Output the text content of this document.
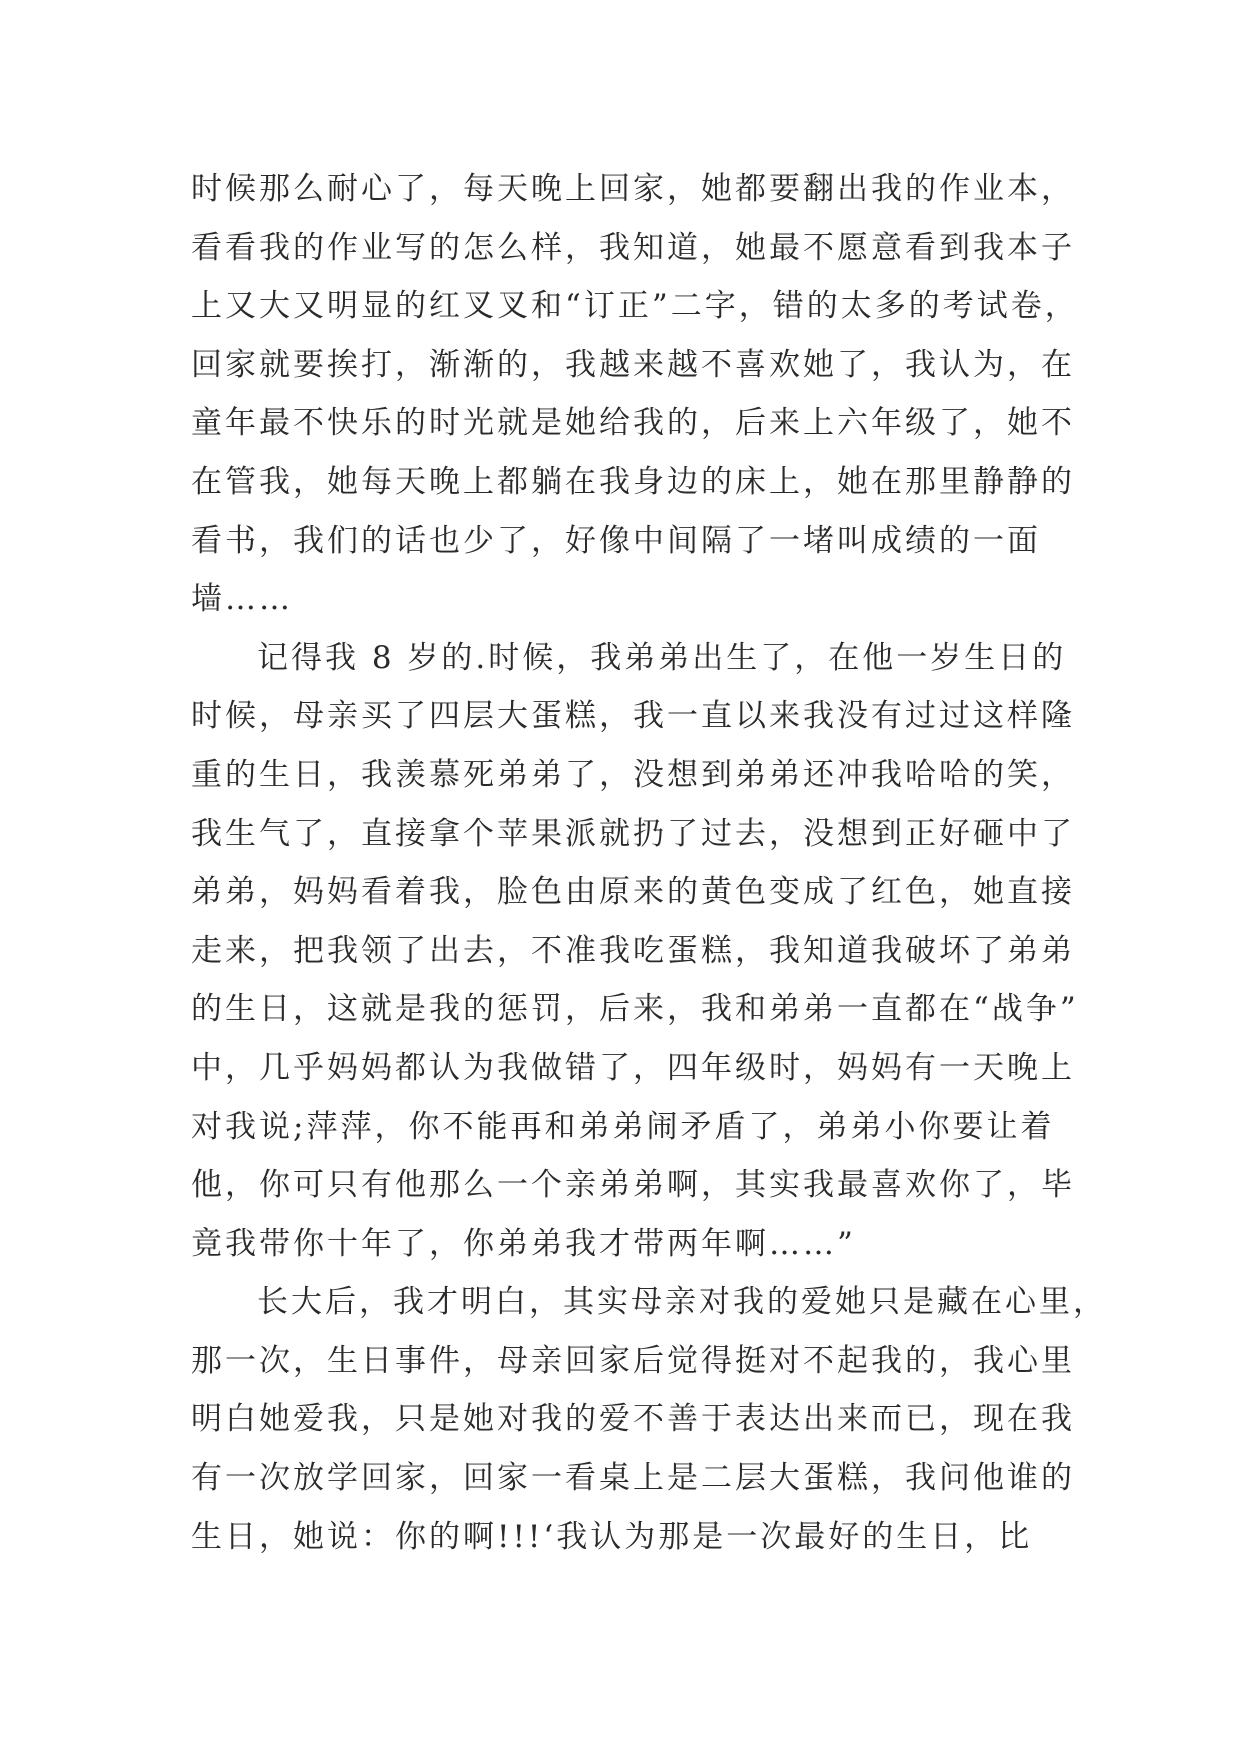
时候那么耐心了，每天晚上回家，她都要翻出我的作业本，
看看我的作业写的怎么样，我知道，她最不愿意看到我本子
上又大又明显的红叉叉和“订正”二字，错的太多的考试卷，
回家就要挨打，渐渐的，我越来越不喜欢她了，我认为，在
童年最不快乐的时光就是她给我的，后来上六年级了，她不
在管我，她每天晚上都躺在我身边的床上，她在那里静静的
看书，我们的话也少了，好像中间隔了一堵叫成绩的一面
墙……
记得我 8 岁的.时候，我弟弟出生了，在他一岁生日的
时候，母亲买了四层大蛋糕，我一直以来我没有过过这样隆
重的生日，我羡慕死弟弟了，没想到弟弟还冲我哈哈的笑，
我生气了，直接拿个苹果派就扔了过去，没想到正好砸中了
弟弟，妈妈看着我，脸色由原来的黄色变成了红色，她直接
走来，把我领了出去，不准我吃蛋糕，我知道我破坏了弟弟
的生日，这就是我的惩罚，后来，我和弟弟一直都在“战争”
中，几乎妈妈都认为我做错了，四年级时，妈妈有一天晚上
对我说;萍萍，你不能再和弟弟闹矛盾了，弟弟小你要让着
他，你可只有他那么一个亲弟弟啊，其实我最喜欢你了，毕
竟我带你十年了，你弟弟我才带两年啊……”
长大后，我才明白，其实母亲对我的爱她只是藏在心里，
那一次，生日事件，母亲回家后觉得挺对不起我的，我心里
明白她爱我，只是她对我的爱不善于表达出来而已，现在我
有一次放学回家，回家一看桌上是二层大蛋糕，我问他谁的
生日，她说：你的啊!!!‘我认为那是一次最好的生日，比
